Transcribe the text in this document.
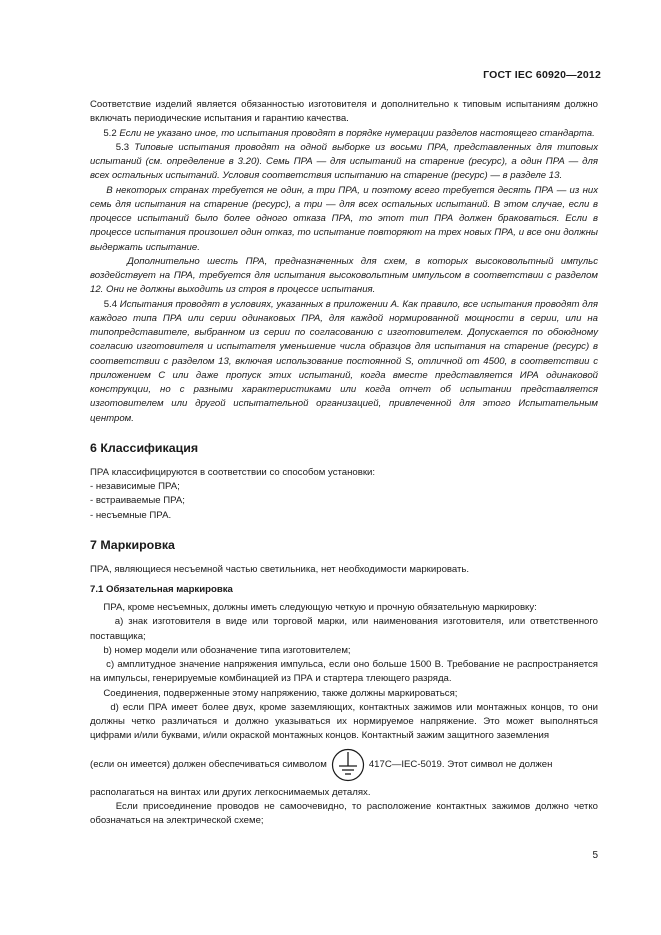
ГОСТ IEC 60920—2012

Соответствие изделий является обязанностью изготовителя и дополнительно к типовым испытаниям должно включать периодические испытания и гарантию качества.

5.2 Если не указано иное, то испытания проводят в порядке нумерации разделов настоящего стандарта.

5.3 Типовые испытания проводят на одной выборке из восьми ПРА, представленных для типовых испытаний (см. определение в 3.20). Семь ПРА — для испытаний на старение (ресурс), а один ПРА — для всех остальных испытаний. Условия соответствия испытанию на старение (ресурс) — в разделе 13.

В некоторых странах требуется не один, а три ПРА, и поэтому всего требуется десять ПРА — из них семь для испытания на старение (ресурс), а три — для всех остальных испытаний. В этом случае, если в процессе испытаний было более одного отказа ПРА, то этот тип ПРА должен браковаться. Если в процессе испытания произошел один отказ, то испытание повторяют на трех новых ПРА, и все они должны выдержать испытание.

Дополнительно шесть ПРА, предназначенных для схем, в которых высоковольтный импульс воздействует на ПРА, требуется для испытания высоковольтным импульсом в соответствии с разделом 12. Они не должны выходить из строя в процессе испытания.

5.4 Испытания проводят в условиях, указанных в приложении А. Как правило, все испытания проводят для каждого типа ПРА или серии одинаковых ПРА, для каждой нормированной мощности в серии, или на типопредставителе, выбранном из серии по согласованию с изготовителем. Допускается по обоюдному согласию изготовителя и испытателя уменьшение числа образцов для испытания на старение (ресурс) в соответствии с разделом 13, включая использование постоянной S, отличной от 4500, в соответствии с приложением С или даже пропуск этих испытаний, когда вместе представляется ИРА одинаковой конструкции, но с разными характеристиками или когда отчет об испытании представляется изготовителем или другой испытательной организацией, привлеченной для этого Испытательным центром.

6 Классификация

ПРА классифицируются в соответствии со способом установки:

- независимые ПРА;

- встраиваемые ПРА;

- несъемные ПРА.

7 Маркировка

ПРА, являющиеся несъемной частью светильника, нет необходимости маркировать.

7.1 Обязательная маркировка

ПРА, кроме несъемных, должны иметь следующую четкую и прочную обязательную маркировку:

а) знак изготовителя в виде или торговой марки, или наименования изготовителя, или ответственного поставщика;

b) номер модели или обозначение типа изготовителем;

с) амплитудное значение напряжения импульса, если оно больше 1500 В. Требование не распространяется на импульсы, генерируемые комбинацией из ПРА и стартера тлеющего разряда.

Соединения, подверженные этому напряжению, также должны маркироваться;

d) если ПРА имеет более двух, кроме заземляющих, контактных зажимов или монтажных концов, то они должны четко различаться и должно указываться их нормируемое напряжение. Это может выполняться цифрами и/или буквами, и/или окраской монтажных концов. Контактный зажим защитного заземления

(если он имеется) должен обеспечиваться символом	417С—IEC-5019. Этот символ не должен

располагаться на винтах или других легкоснимаемых деталях.

Если присоединение проводов не самоочевидно, то расположение контактных зажимов должно четко обозначаться на электрической схеме;

5
